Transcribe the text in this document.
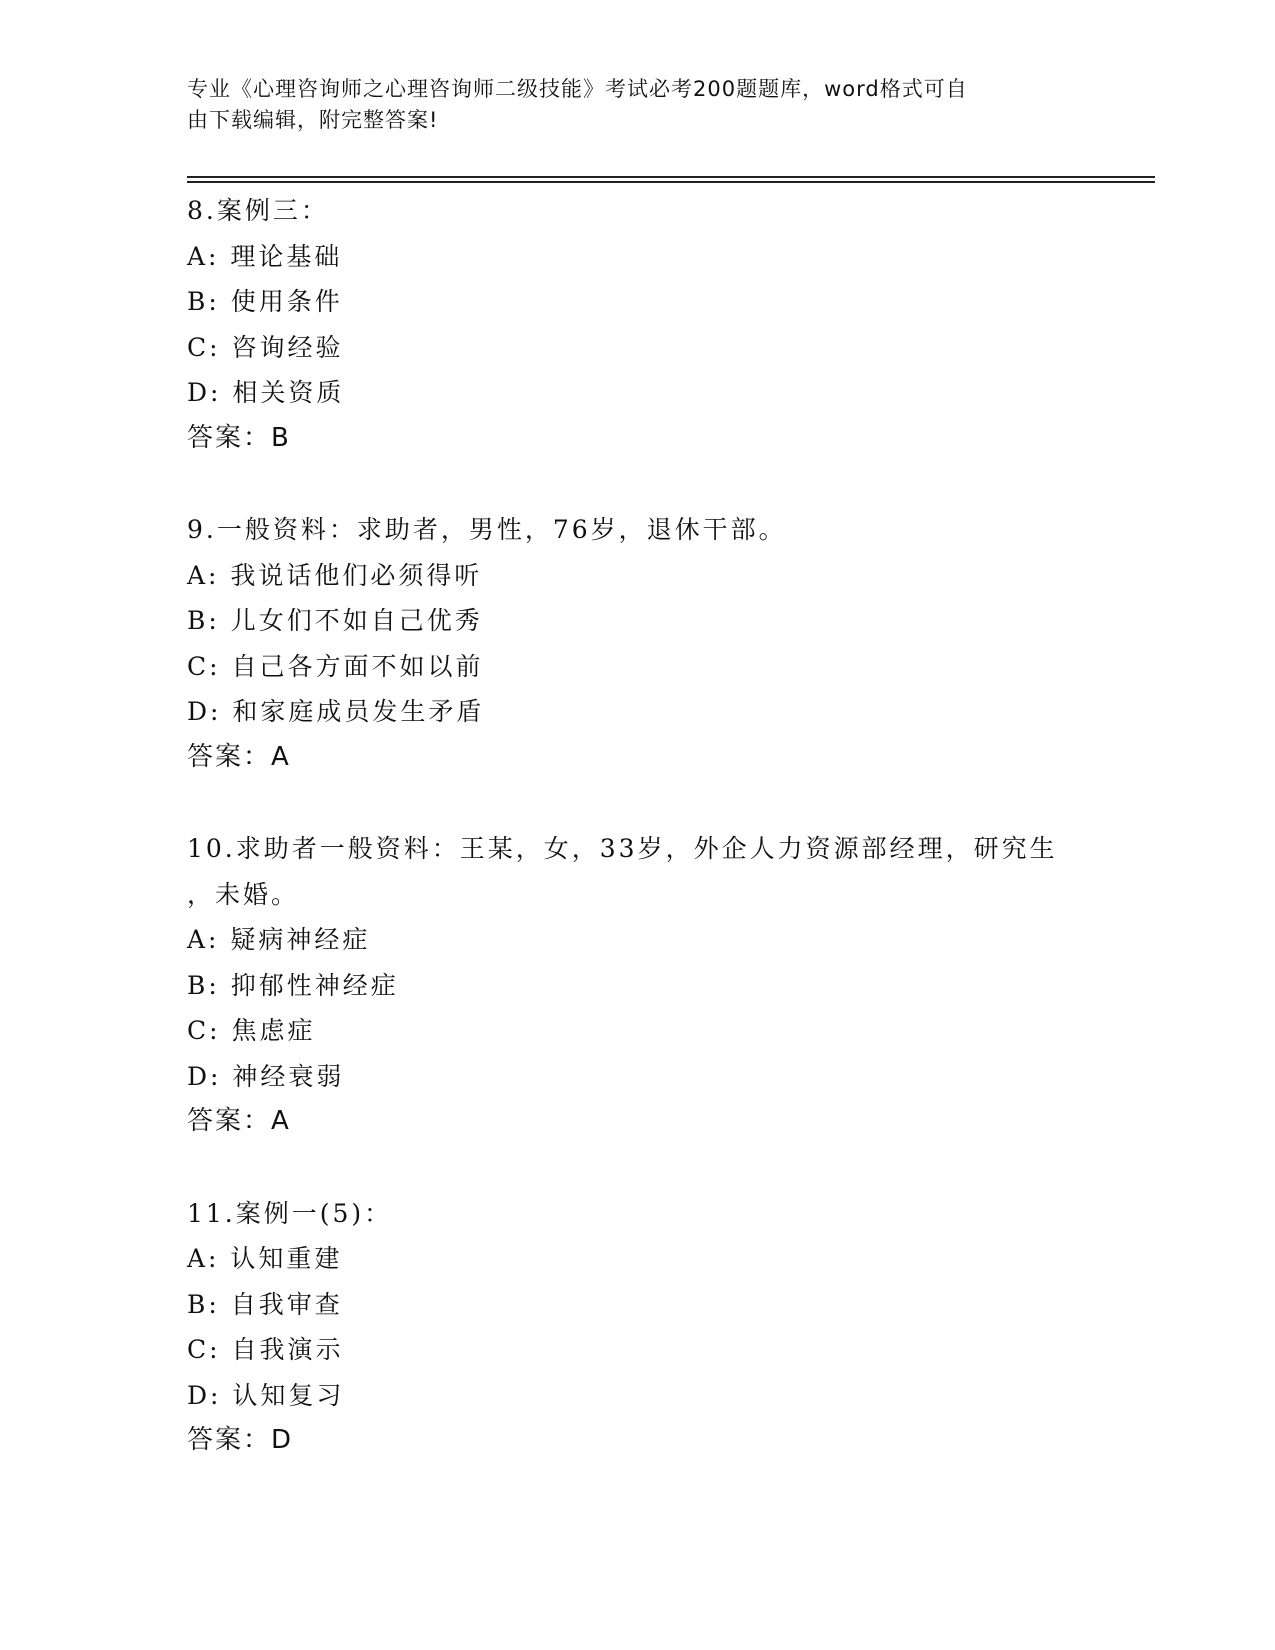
专业《心理咨询师之心理咨询师二级技能》考试必考200题题库，word格式可自
由下载编辑，附完整答案!
8.案例三：
A: 理论基础
B: 使用条件
C: 咨询经验
D: 相关资质
答案：B
9.一般资料：求助者，男性，76岁，退休干部。
A: 我说话他们必须得听
B: 儿女们不如自己优秀
C: 自己各方面不如以前
D: 和家庭成员发生矛盾
答案：A
10.求助者一般资料：王某，女，33岁，外企人力资源部经理，研究生
，未婚。
A: 疑病神经症
B: 抑郁性神经症
C: 焦虑症
D: 神经衰弱
答案：A
11.案例一(5)：
A: 认知重建
B: 自我审查
C: 自我演示
D: 认知复习
答案：D
